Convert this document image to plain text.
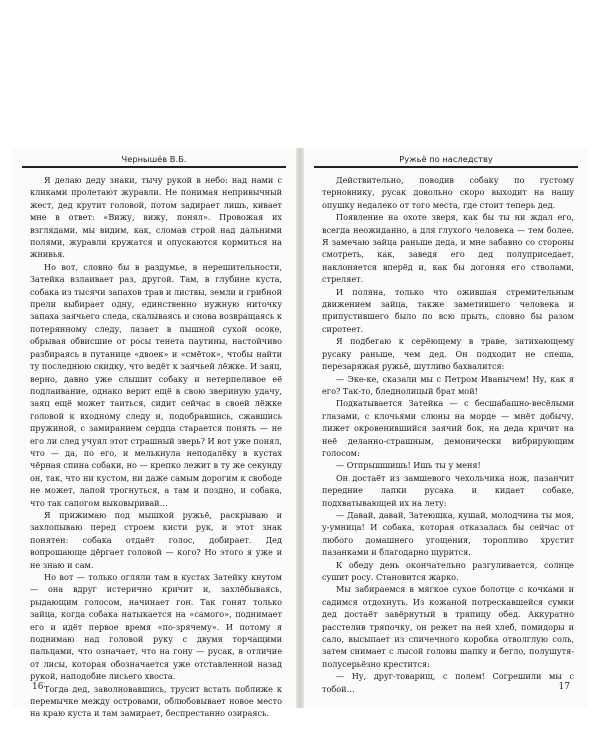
Чернышёв В.Б.

Я делаю деду знаки, тычу рукой в небо: над нами с кликами пролетают журавли. Не понимая непривычный жест, дед крутит головой, потом задирает лишь, кивает мне в ответ: «Вижу, вижу, понял». Провожая их взглядами, мы видим, как, сломав строй над дальними полями, журавли кружатся и опускаются кормиться на жнивья.

Но вот, словно бы в раздумье, в нерешительности, Затейка взлаивает раз, другой. Там, в глубине куста, собака из тысячи запахов трав и листвы, земли и грибной прели выбирает одну, единственно нужную ниточку запаха заячьего следа, скалываясь и снова возвращаясь к потерянному следу, лазает в пышной сухой осоке, обрывая обвисшие от росы тенета паутины, настойчиво разбираясь в путанице «двоек» и «смёток», чтобы найти ту последнюю скидку, что ведёт к заячьей лёжке. И заяц, верно, давно уже слышит собаку и нетерпеливое её подлаивание, однако верит ещё в свою звериную удачу, заяц ещё может таиться, сидит сейчас в своей лёжке головой к входному следу и, подобравшись, сжавшись пружиной, с замиранием сердца старается понять — не его ли след учуял этот страшный зверь? И вот уже понял, что — да, по его, и мелькнула неподалёку в кустах чёрная спина собаки, но — крепко лежит в ту же секунду он, так, что ни кустом, ни даже самым дорогим к свободе не может, лапой трогнуться, а там и поздно, и собака, что так сапогом выковыривай…

Я прижимаю под мышкой ружьё, раскрываю и захлопываю перед строем кисти рук, и этот знак понятен: собака отдаёт голос, добирает. Дед вопрошающе дёргает головой — кого? Но этого я уже и не знаю и сам.

Но вот — только огляли там в кустах Затейку кнутом — она вдруг истерично кричит и, захлёбываясь, рыдающим голосом, начинает гон. Так гонят только зайца, когда собака натыкается на «самого», поднимает его и идёт первое время «по-зрячему». И потому я поднимаю над головой руку с двумя торчащими пальцами, что означает, что на гону — русак, в отличие от лисы, которая обозначается уже отставленной назад рукой, наподобие лисьего хвоста.

Тогда дед, заволновавшись, трусит встать поближе к перемычке между островами, облюбовывает новое место на краю куста и там замирает, беспрестанно озираясь.

16
Ружьё по наследству

Действительно, поводив собаку по густому терновнику, русак довольно скоро выходит на нашу опушку недалеко от того места, где стоит теперь дед.

Появление на охоте зверя, как бы ты ни ждал его, всегда неожиданно, а для глухого человека — тем более. Я замечаю зайца раньше деда, и мне забавно со стороны смотреть, как, заведя его дед полуприседает, наклоняется вперёд и, как бы догоняя его стволами, стреляет.

И поляна, только что ожившая стремительным движением зайца, также заметившего человека и припустившего было по всю прыть, словно бы разом сиротеет.

Я подбегаю к серёющему в траве, затихающему русаку раньше, чем дед. Он подходит не спеша, перезаряжая ружьё, шутливо бахвалится:

— Эке-ке, сказали мы с Петром Иванычем! Ну, как я его? Так-то, бледнолицый брат мой!

Подкатывается Затейка — с бесшабашно-весёлыми глазами, с клочьями слюны на морде — мнёт добычу, лижет окровенившийся заячий бок, на деда кричит на неё деланно-страшным, демонически вибрирующим голосом:

— Отпрышшишь! Ишь ты у меня!

Он достаёт из замшевого чехольчика нож, пазанчит передние лапки русака и кидает собаке, подхватывающей их на лету:

— Давай, давай, Затеюшка, кушай, молодчина ты моя, у-умница! И собака, которая отказалась бы сейчас от любого домашнего угощения, торопливо хрустит пазанками и благодарно щурится.

К обеду день окончательно разгуливается, солнце сушит росу. Становится жарко.

Мы забираемся в мягкое сухое болотце с кочками и садимся отдохнуть. Из кожаной потрескавшейся сумки дед достаёт завёрнутый в тряпицу обед. Аккуратно расстелив тряпочку, он режет на ней хлеб, помидоры и сало, высыпает из спичечного коробка отволглую соль, затем снимает с лысой головы шапку и бегло, полушутя-полусерьёзно крестится:

— Ну, друг-товарищ, с полем! Согрешили мы с тобой…	17
